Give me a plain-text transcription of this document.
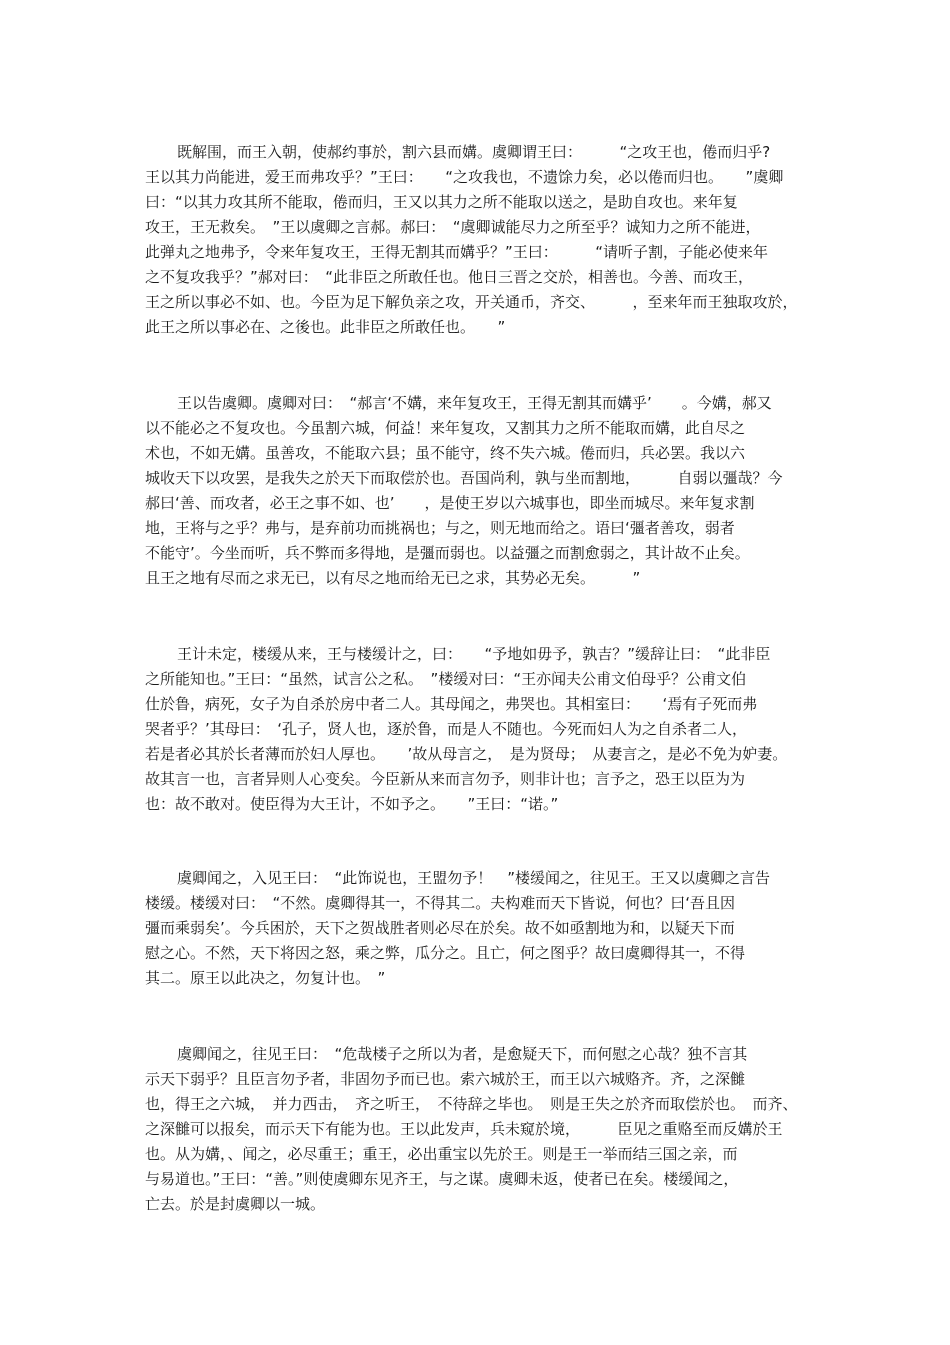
既解围，而王入朝，使郝约事於，割六县而媾。虞卿谓王曰：　　　“之攻王也，倦而归乎?
王以其力尚能进，爱王而弗攻乎？”王曰：　　“之攻我也，不遗馀力矣，必以倦而归也。　　”虞卿
曰：“以其力攻其所不能取，倦而归，王又以其力之所不能取以送之，是助自攻也。来年复
攻王，王无救矣。　”王以虞卿之言郝。郝曰：　“虞卿诚能尽力之所至乎？诚知力之所不能进，
此弹丸之地弗予，令来年复攻王，王得无割其而媾乎？”王曰：　　　“请听子割，子能必使来年
之不复攻我乎？”郝对曰：　“此非臣之所敢任也。他日三晋之交於，相善也。今善、而攻王，
王之所以事必不如、也。今臣为足下解负亲之攻，开关通币，齐交、　　　，至来年而王独取攻於，
此王之所以事必在、之後也。此非臣之所敢任也。　　”
王以告虞卿。虞卿对曰：　“郝言‘不媾，来年复攻王，王得无割其而媾乎’　　。今媾，郝又
以不能必之不复攻也。今虽割六城，何益！来年复攻，又割其力之所不能取而媾，此自尽之
术也，不如无媾。虽善攻，不能取六县；虽不能守，终不失六城。倦而归，兵必罢。我以六
城收天下以攻罢，是我失之於天下而取偿於也。吾国尚利，孰与坐而割地，　　　自弱以彊哉？今
郝曰‘善、而攻者，必王之事不如、也’　　，是使王岁以六城事也，即坐而城尽。来年复求割
地，王将与之乎？弗与，是弃前功而挑祸也；与之，则无地而给之。语曰‘彊者善攻，弱者
不能守’。今坐而听，兵不弊而多得地，是彊而弱也。以益彊之而割愈弱之，其计故不止矣。
且王之地有尽而之求无已，以有尽之地而给无已之求，其势必无矣。　　　”
王计未定，楼缓从来，王与楼缓计之，曰：　　“予地如毋予，孰吉？”缓辞让曰：　“此非臣
之所能知也。”王曰：“虽然，试言公之私。　”楼缓对曰：“王亦闻夫公甫文伯母乎？公甫文伯
仕於鲁，病死，女子为自杀於房中者二人。其母闻之，弗哭也。其相室曰：　　‘焉有子死而弗
哭者乎？’其母曰：　‘孔子，贤人也，逐於鲁，而是人不随也。今死而妇人为之自杀者二人，
若是者必其於长者薄而於妇人厚也。　　’故从母言之，　是为贤母；　从妻言之，是必不免为妒妻。
故其言一也，言者异则人心变矣。今臣新从来而言勿予，则非计也；言予之，恐王以臣为为
也：故不敢对。使臣得为大王计，不如予之。　　”王曰：“诺。”
虞卿闻之，入见王曰：　“此饰说也，王盟勿予！　”楼缓闻之，往见王。王又以虞卿之言告
楼缓。楼缓对曰：　“不然。虞卿得其一，不得其二。夫构难而天下皆说，何也？曰‘吾且因
彊而乘弱矣’。今兵困於，天下之贺战胜者则必尽在於矣。故不如亟割地为和，以疑天下而
慰之心。不然，天下将因之怒，乘之弊，瓜分之。且亡，何之图乎？故曰虞卿得其一，不得
其二。原王以此决之，勿复计也。　”
虞卿闻之，往见王曰：　“危哉楼子之所以为者，是愈疑天下，而何慰之心哉？独不言其
示天下弱乎？且臣言勿予者，非固勿予而已也。索六城於王，而王以六城赂齐。齐，之深雠
也，得王之六城，　并力西击，　齐之听王，　不待辞之毕也。　则是王失之於齐而取偿於也。　而齐、
之深雠可以报矣，而示天下有能为也。王以此发声，兵未窥於境，　　　臣见之重赂至而反媾於王
也。从为媾，、闻之，必尽重王；重王，必出重宝以先於王。则是王一举而结三国之亲，而
与易道也。”王曰：“善。”则使虞卿东见齐王，与之谋。虞卿未返，使者已在矣。楼缓闻之，
亡去。於是封虞卿以一城。
